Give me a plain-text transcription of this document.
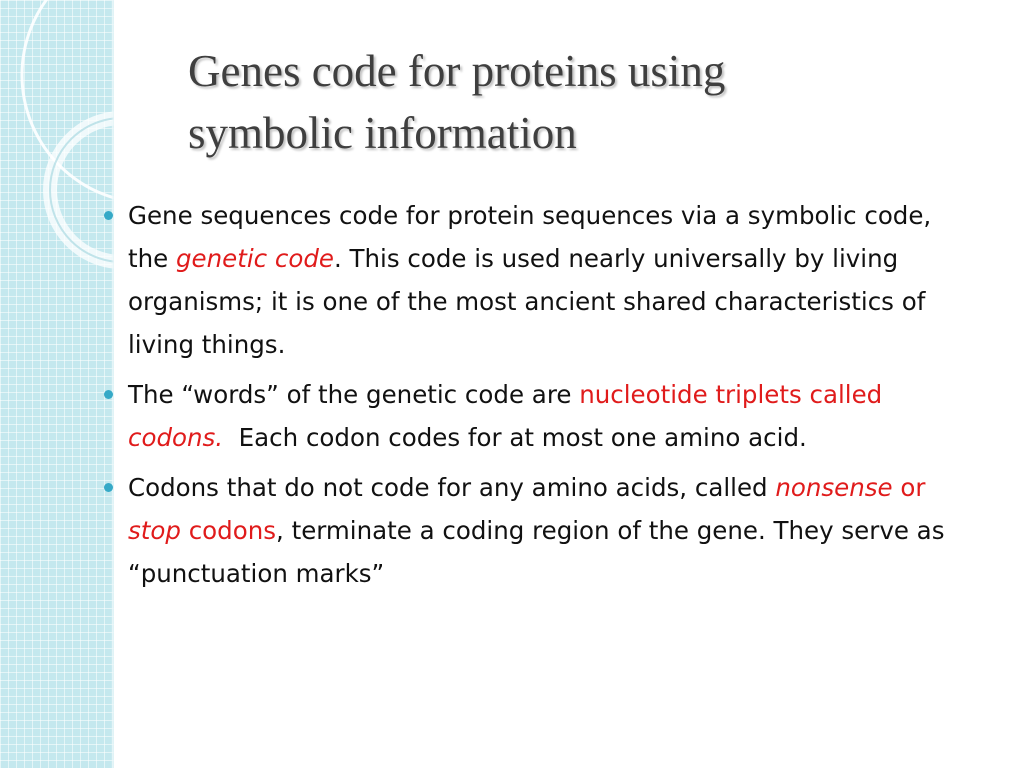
Genes code for proteins using
symbolic information
Gene sequences code for protein sequences via a symbolic code, the genetic code. This code is used nearly universally by living organisms; it is one of the most ancient shared characteristics of living things.
The “words” of the genetic code are nucleotide triplets called codons.  Each codon codes for at most one amino acid.
Codons that do not code for any amino acids, called nonsense or stop codons, terminate a coding region of the gene. They serve as “punctuation marks”
